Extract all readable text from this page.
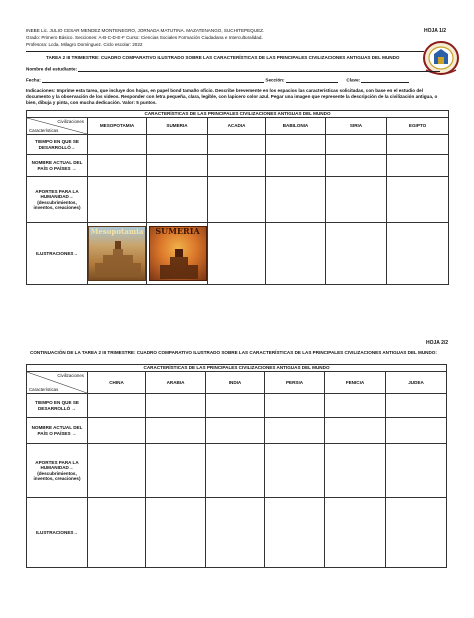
INEBE Lic. JULIO CESAR MENDEZ MONTENEGRO, JORNADA MATUTINA. MAZATENANGO, SUCHITEPEQUEZ.
Grado: Primero Básico. Secciones: A-B-C-D-E-F Curso: Ciencias Sociales Formación Ciudadana e Interculturalidad.
Profesora: Lcda. Milagro Domínguez. Ciclo escolar: 2022
HOJA 1/2
TAREA 2 III TRIMESTRE: CUADRO COMPARATIVO ILUSTRADO SOBRE LAS CARACTERÍSTICAS DE LAS PRINCIPALES CIVILIZACIONES ANTIGUAS DEL MUNDO
Nombre del estudiante:
Fecha:	Sección:	Clave:
Indicaciones: Imprime esta tarea, que incluye dos hojas, en papel bond tamaño oficio. Describe brevemente en los espacios las características solicitadas, con base en el estudio del documento y la observación de los videos. Responder con letra pequeña, clara, legible, con lapicero color azul. Pegar una imagen que represente la descripción de la civilización antigua, o bien, dibuja y pinta, con mucha dedicación. Valor: 5 puntos.
CARACTERÍSTICAS DE LAS PRINCIPALES CIVILIZACIONES ANTIGUAS DEL MUNDO						

Civilizaciones
Características	MESOPOTAMIA	SUMERIA	ACADIA	BABILONIA	SIRIA	EGIPTO
TIEMPO EN QUE SE DESARROLLÓ→						
NOMBRE ACTUAL DEL PAÍS O PAÍSES →						
APORTES PARA LA HUMANIDAD→ (descubrimientos, inventos, creaciones)						
ILUSTRACIONES→	Mesopotamia	SUMERIA				

HOJA 2/2
CONTINUACIÓN DE LA TAREA 2 III TRIMESTRE: CUADRO COMPARATIVO ILUSTRADO SOBRE LAS CARACTERÍSTICAS DE LAS PRINCIPALES CIVILIZACIONES ANTIGUAS DEL MUNDO:
CARACTERÍSTICAS DE LAS PRINCIPALES CIVILIZACIONES ANTIGUAS DEL MUNDO						

Civilizaciones
Características	CHINA	ARABIA	INDIA	PERSIA	FENICIA	JUDEA
TIEMPO EN QUE SE DESARROLLÓ →						
NOMBRE ACTUAL DEL PAÍS O PAÍSES →						
APORTES PARA LA HUMANIDAD→ (descubrimientos, inventos, creaciones)						
ILUSTRACIONES→						
